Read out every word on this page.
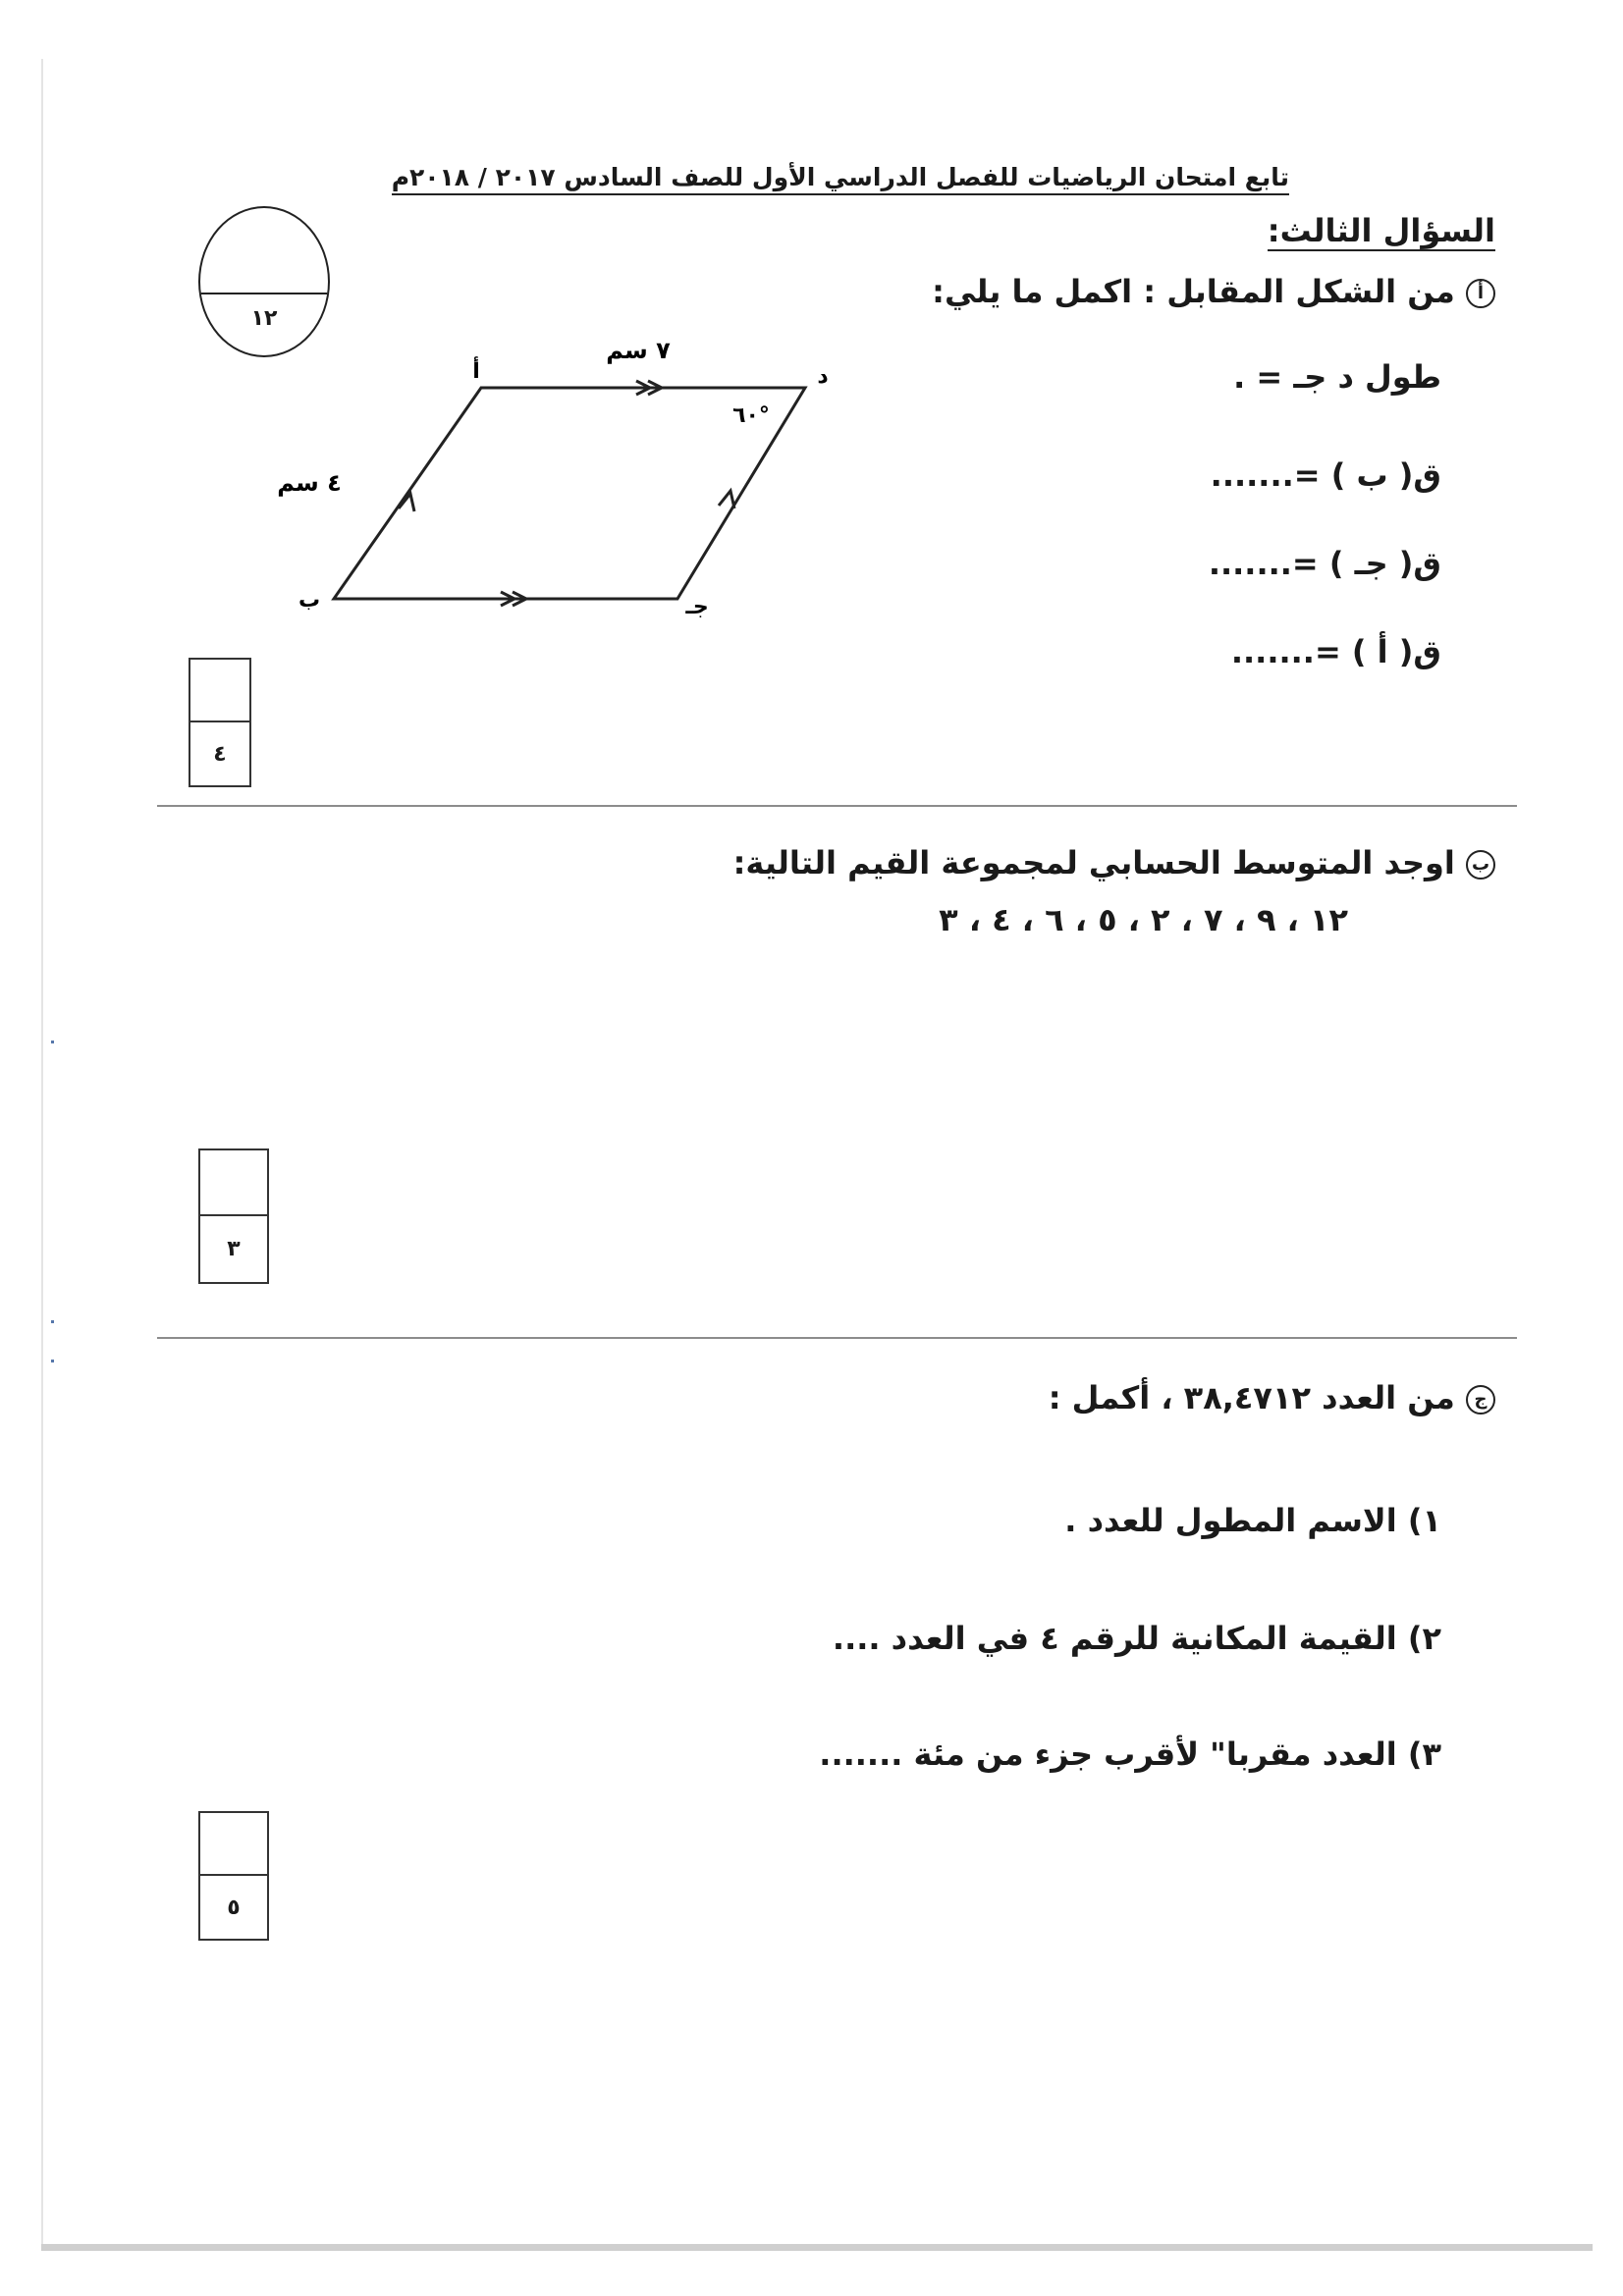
تابع امتحان الرياضيات للفصل الدراسي الأول للصف السادس ٢٠١٧ / ٢٠١٨م
السؤال الثالث:
١٢
أ من الشكل المقابل : اكمل ما يلي:
طول د جـ = .
ق( ب ) =.......
ق( جـ ) =.......
ق( أ ) =.......
أ	د
ب	جـ
٧ سم
٤ سم
٦٠°
٤
ب اوجد المتوسط الحسابي لمجموعة القيم التالية:
١٢ ، ٩ ، ٧ ، ٢ ، ٥ ، ٦ ، ٤ ، ٣
٣
ج من العدد ٣٨,٤٧١٢ ، أكمل :
١) الاسم المطول للعدد .
٢) القيمة المكانية للرقم ٤ في العدد ....
٣) العدد مقربا" لأقرب جزء من مئة .......
٥
